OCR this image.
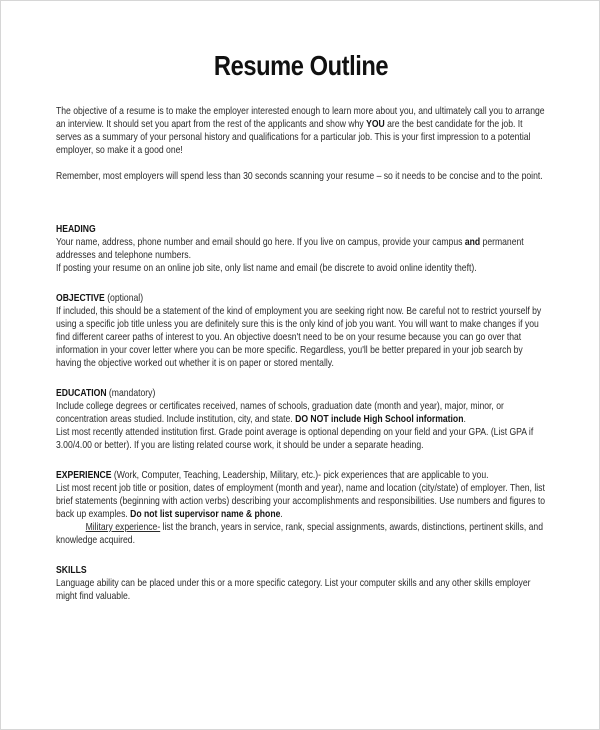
Resume Outline

The objective of a resume is to make the employer interested enough to learn more about you, and ultimately call you to arrange an interview. It should set you apart from the rest of the applicants and show why YOU are the best candidate for the job. It serves as a summary of your personal history and qualifications for a particular job. This is your first impression to a potential employer, so make it a good one!

Remember, most employers will spend less than 30 seconds scanning your resume – so it needs to be concise and to the point.

HEADING

Your name, address, phone number and email should go here. If you live on campus, provide your campus and permanent addresses and telephone numbers.
If posting your resume on an online job site, only list name and email (be discrete to avoid online identity theft).

OBJECTIVE (optional)

If included, this should be a statement of the kind of employment you are seeking right now. Be careful not to restrict yourself by using a specific job title unless you are definitely sure this is the only kind of job you want. You will want to make changes if you find different career paths of interest to you. An objective doesn't need to be on your resume because you can go over that information in your cover letter where you can be more specific. Regardless, you'll be better prepared in your job search by having the objective worked out whether it is on paper or stored mentally.

EDUCATION (mandatory)

Include college degrees or certificates received, names of schools, graduation date (month and year), major, minor, or concentration areas studied. Include institution, city, and state. DO NOT include High School information.
List most recently attended institution first. Grade point average is optional depending on your field and your GPA. (List GPA if 3.00/4.00 or better). If you are listing related course work, it should be under a separate heading.

EXPERIENCE (Work, Computer, Teaching, Leadership, Military, etc.)- pick experiences that are applicable to you.
List most recent job title or position, dates of employment (month and year), name and location (city/state) of employer. Then, list brief statements (beginning with action verbs) describing your accomplishments and responsibilities. Use numbers and figures to back up examples. Do not list supervisor name & phone.
Military experience- list the branch, years in service, rank, special assignments, awards, distinctions, pertinent skills, and knowledge acquired.

SKILLS

Language ability can be placed under this or a more specific category. List your computer skills and any other skills employer might find valuable.
